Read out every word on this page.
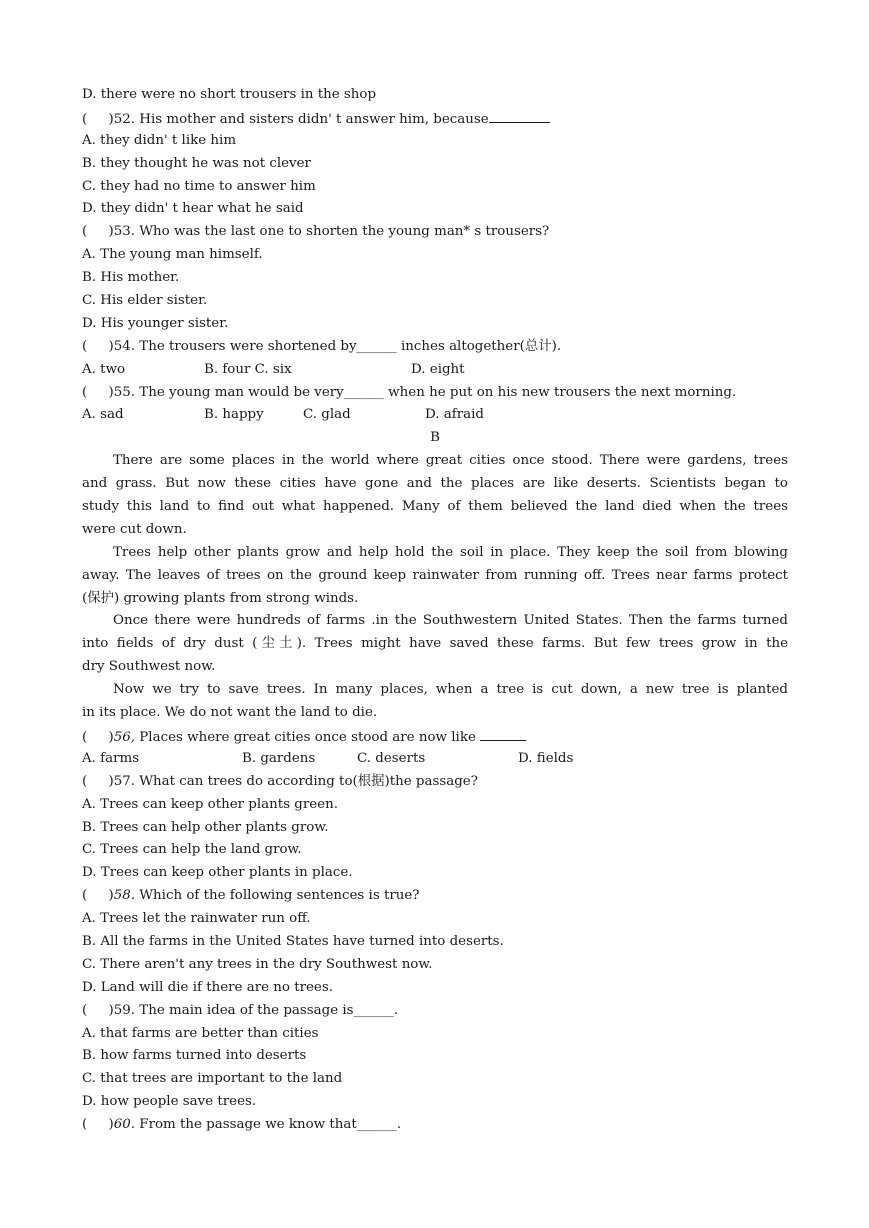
D. there were no short trousers in the shop
(     )52. His mother and sisters didn' t answer him, because
A. they didn' t like him
B. they thought he was not clever
C. they had no time to answer him
D. they didn' t hear what he said
(     )53. Who was the last one to shorten the young man* s trousers?
A. The young man himself.
B. His mother.
C. His elder sister.
D. His younger sister.
(     )54. The trousers were shortened by______ inches altogether(总计).
A. two	B. four C. six	D. eight
(     )55. The young man would be very______ when he put on his new trousers the next morning.
A. sad	B. happy	C. glad	D. afraid
B
There are some places in the world where great cities once stood. There were gardens, trees
and grass. But now these cities have gone and the places are like deserts. Scientists began to
study this land to find out what happened. Many of them believed the land died when the trees
were cut down.
Trees help other plants grow and help hold the soil in place. They keep the soil from blowing
away. The leaves of trees on the ground keep rainwater from running off. Trees near farms protect
(保护) growing plants from strong winds.
Once there were hundreds of farms .in the Southwestern United States. Then the farms turned
into fields of dry dust (尘土). Trees might have saved these farms. But few trees grow in the
dry Southwest now.
Now we try to save trees. In many places, when a tree is cut down, a new tree is planted
in its place. We do not want the land to die.
(     )56, Places where great cities once stood are now like
A. farms	B. gardens	C. deserts	D. fields
(     )57. What can trees do according to(根据)the passage?
A. Trees can keep other plants green.
B. Trees can help other plants grow.
C. Trees can help the land grow.
D. Trees can keep other plants in place.
(     )58. Which of the following sentences is true?
A. Trees let the rainwater run off.
B. All the farms in the United States have turned into deserts.
C. There aren't any trees in the dry Southwest now.
D. Land will die if there are no trees.
(     )59. The main idea of the passage is______.
A. that farms are better than cities
B. how farms turned into deserts
C. that trees are important to the land
D. how people save trees.
(     )60. From the passage we know that______.
